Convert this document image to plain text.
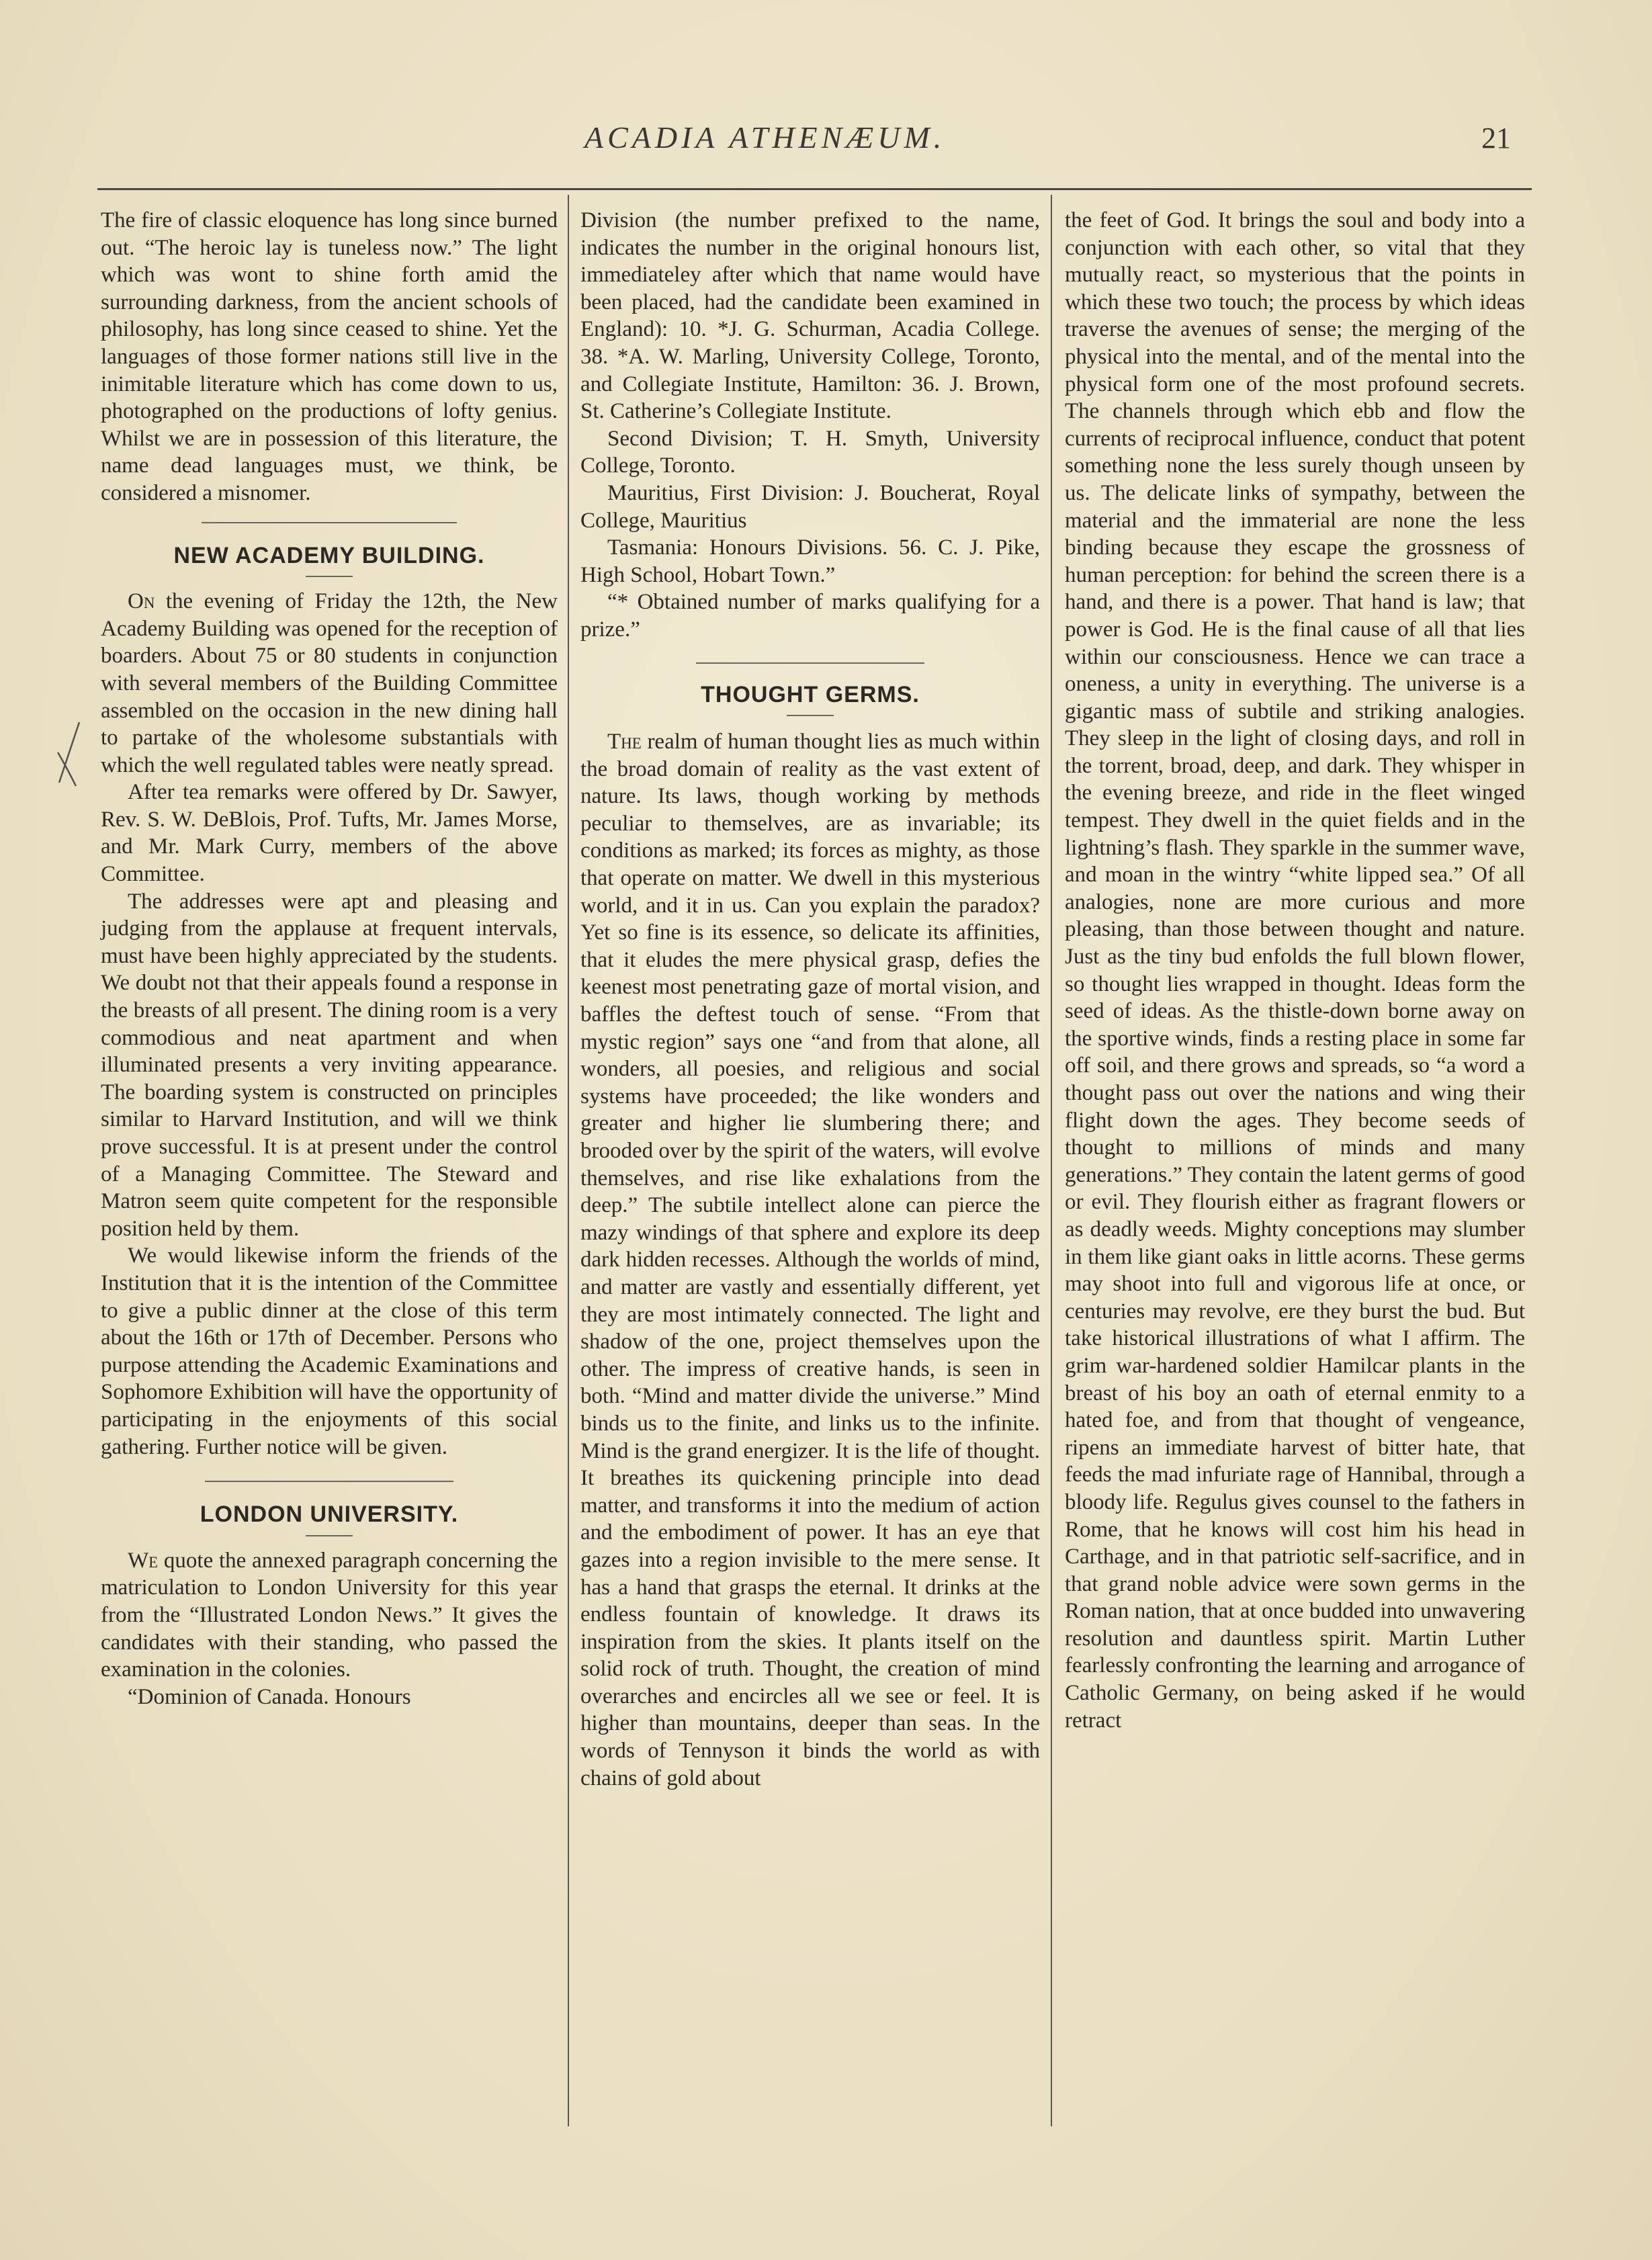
ACADIA ATHENÆUM.	21

The fire of classic eloquence has long since burned out. “The heroic lay is tuneless now.” The light which was wont to shine forth amid the surrounding darkness, from the ancient schools of philosophy, has long since ceased to shine. Yet the languages of those former nations still live in the inimitable literature which has come down to us, photographed on the productions of lofty genius. Whilst we are in possession of this literature, the name dead languages must, we think, be considered a misnomer.

NEW ACADEMY BUILDING.

On the evening of Friday the 12th, the New Academy Building was opened for the reception of boarders. About 75 or 80 students in conjunction with several members of the Building Committee assembled on the occasion in the new dining hall to partake of the wholesome substantials with which the well regulated tables were neatly spread.

After tea remarks were offered by Dr. Sawyer, Rev. S. W. DeBlois, Prof. Tufts, Mr. James Morse, and Mr. Mark Curry, members of the above Committee.

The addresses were apt and pleasing and judging from the applause at frequent intervals, must have been highly appreciated by the students. We doubt not that their appeals found a response in the breasts of all present. The dining room is a very commodious and neat apartment and when illuminated presents a very inviting appearance. The boarding system is constructed on principles similar to Harvard Institution, and will we think prove successful. It is at present under the control of a Managing Committee. The Steward and Matron seem quite competent for the responsible position held by them.

We would likewise inform the friends of the Institution that it is the intention of the Committee to give a public dinner at the close of this term about the 16th or 17th of December. Persons who purpose attending the Academic Examinations and Sophomore Exhibition will have the opportunity of participating in the enjoyments of this social gathering. Further notice will be given.

LONDON UNIVERSITY.

We quote the annexed paragraph concerning the matriculation to London University for this year from the “Illustrated London News.” It gives the candidates with their standing, who passed the examination in the colonies.

“Dominion of Canada. Honours

Division (the number prefixed to the name, indicates the number in the original honours list, immediateley after which that name would have been placed, had the candidate been examined in England): 10. *J. G. Schurman, Acadia College. 38. *A. W. Marling, University College, Toronto, and Collegiate Institute, Hamilton: 36. J. Brown, St. Catherine’s Collegiate Institute.

Second Division; T. H. Smyth, University College, Toronto.

Mauritius, First Division: J. Boucherat, Royal College, Mauritius

Tasmania: Honours Divisions. 56. C. J. Pike, High School, Hobart Town.”

“* Obtained number of marks qualifying for a prize.”

THOUGHT GERMS.

The realm of human thought lies as much within the broad domain of reality as the vast extent of nature. Its laws, though working by methods peculiar to themselves, are as invariable; its conditions as marked; its forces as mighty, as those that operate on matter. We dwell in this mysterious world, and it in us. Can you explain the paradox? Yet so fine is its essence, so delicate its affinities, that it eludes the mere physical grasp, defies the keenest most penetrating gaze of mortal vision, and baffles the deftest touch of sense. “From that mystic region” says one “and from that alone, all wonders, all poesies, and religious and social systems have proceeded; the like wonders and greater and higher lie slumbering there; and brooded over by the spirit of the waters, will evolve themselves, and rise like exhalations from the deep.” The subtile intellect alone can pierce the mazy windings of that sphere and explore its deep dark hidden recesses. Although the worlds of mind, and matter are vastly and essentially different, yet they are most intimately connected. The light and shadow of the one, project themselves upon the other. The impress of creative hands, is seen in both. “Mind and matter divide the universe.” Mind binds us to the finite, and links us to the infinite. Mind is the grand energizer. It is the life of thought. It breathes its quickening principle into dead matter, and transforms it into the medium of action and the embodiment of power. It has an eye that gazes into a region invisible to the mere sense. It has a hand that grasps the eternal. It drinks at the endless fountain of knowledge. It draws its inspiration from the skies. It plants itself on the solid rock of truth. Thought, the creation of mind overarches and encircles all we see or feel. It is higher than mountains, deeper than seas. In the words of Tennyson it binds the world as with chains of gold about

the feet of God. It brings the soul and body into a conjunction with each other, so vital that they mutually react, so mysterious that the points in which these two touch; the process by which ideas traverse the avenues of sense; the merging of the physical into the mental, and of the mental into the physical form one of the most profound secrets. The channels through which ebb and flow the currents of reciprocal influence, conduct that potent something none the less surely though unseen by us. The delicate links of sympathy, between the material and the immaterial are none the less binding because they escape the grossness of human perception: for behind the screen there is a hand, and there is a power. That hand is law; that power is God. He is the final cause of all that lies within our consciousness. Hence we can trace a oneness, a unity in everything. The universe is a gigantic mass of subtile and striking analogies. They sleep in the light of closing days, and roll in the torrent, broad, deep, and dark. They whisper in the evening breeze, and ride in the fleet winged tempest. They dwell in the quiet fields and in the lightning’s flash. They sparkle in the summer wave, and moan in the wintry “white lipped sea.” Of all analogies, none are more curious and more pleasing, than those between thought and nature. Just as the tiny bud enfolds the full blown flower, so thought lies wrapped in thought. Ideas form the seed of ideas. As the thistle-down borne away on the sportive winds, finds a resting place in some far off soil, and there grows and spreads, so “a word a thought pass out over the nations and wing their flight down the ages. They become seeds of thought to millions of minds and many generations.” They contain the latent germs of good or evil. They flourish either as fragrant flowers or as deadly weeds. Mighty conceptions may slumber in them like giant oaks in little acorns. These germs may shoot into full and vigorous life at once, or centuries may revolve, ere they burst the bud. But take historical illustrations of what I affirm. The grim war-hardened soldier Hamilcar plants in the breast of his boy an oath of eternal enmity to a hated foe, and from that thought of vengeance, ripens an immediate harvest of bitter hate, that feeds the mad infuriate rage of Hannibal, through a bloody life. Regulus gives counsel to the fathers in Rome, that he knows will cost him his head in Carthage, and in that patriotic self-sacrifice, and in that grand noble advice were sown germs in the Roman nation, that at once budded into unwavering resolution and dauntless spirit. Martin Luther fearlessly confronting the learning and arrogance of Catholic Germany, on being asked if he would retract
